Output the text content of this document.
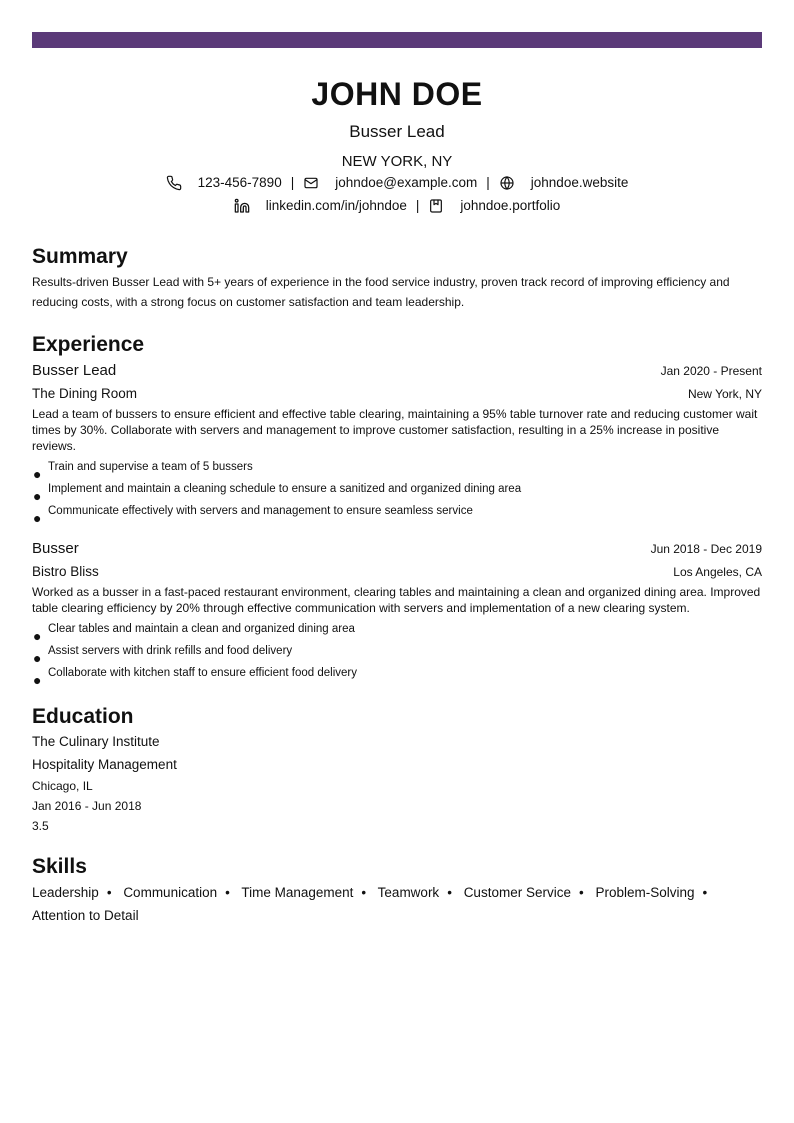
JOHN DOE
Busser Lead
NEW YORK, NY
123-456-7890 |	johndoe@example.com |	johndoe.website
linkedin.com/in/johndoe |	johndoe.portfolio
Summary
Results-driven Busser Lead with 5+ years of experience in the food service industry, proven track record of improving efficiency and reducing costs, with a strong focus on customer satisfaction and team leadership.
Experience
Busser Lead	Jan 2020 - Present
The Dining Room	New York, NY
Lead a team of bussers to ensure efficient and effective table clearing, maintaining a 95% table turnover rate and reducing customer wait times by 30%. Collaborate with servers and management to improve customer satisfaction, resulting in a 25% increase in positive reviews.
● Train and supervise a team of 5 bussers
● Implement and maintain a cleaning schedule to ensure a sanitized and organized dining area
● Communicate effectively with servers and management to ensure seamless service
Busser	Jun 2018 - Dec 2019
Bistro Bliss	Los Angeles, CA
Worked as a busser in a fast-paced restaurant environment, clearing tables and maintaining a clean and organized dining area. Improved table clearing efficiency by 20% through effective communication with servers and implementation of a new clearing system.
● Clear tables and maintain a clean and organized dining area
● Assist servers with drink refills and food delivery
● Collaborate with kitchen staff to ensure efficient food delivery
Education
The Culinary Institute
Hospitality Management
Chicago, IL
Jan 2016 - Jun 2018
3.5
Skills
Leadership • Communication • Time Management • Teamwork • Customer Service • Problem-Solving • Attention to Detail
